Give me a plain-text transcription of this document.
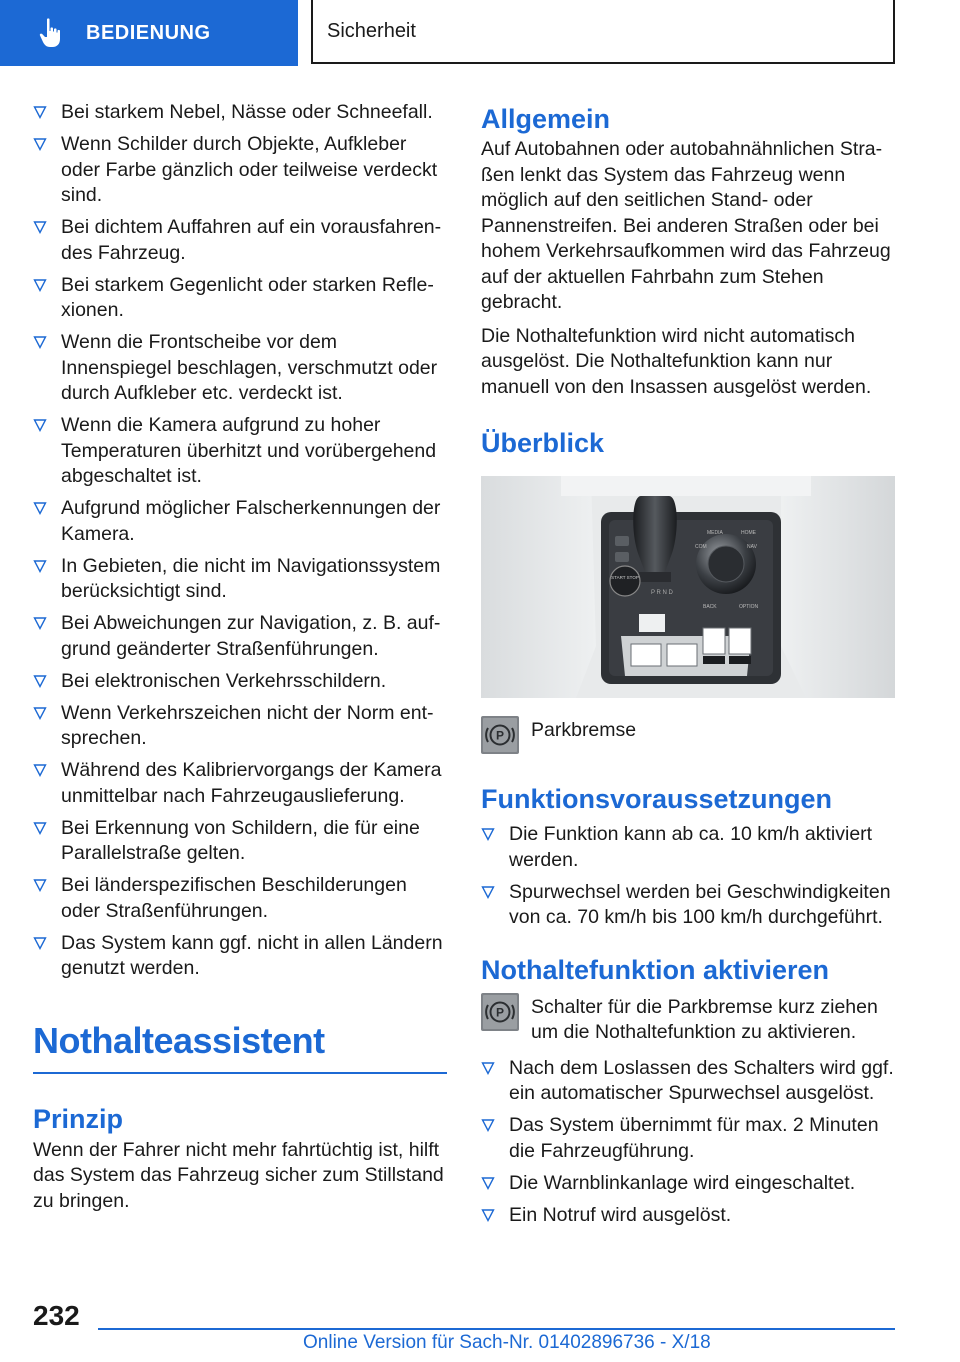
BEDIENUNG	Sicherheit
Bei starkem Nebel, Nässe oder Schneefall.
Wenn Schilder durch Objekte, Aufkleber oder Farbe gänzlich oder teilweise verdeckt sind.
Bei dichtem Auffahren auf ein vorausfahrendes Fahrzeug.
Bei starkem Gegenlicht oder starken Reflexionen.
Wenn die Frontscheibe vor dem Innenspiegel beschlagen, verschmutzt oder durch Aufkleber etc. verdeckt ist.
Wenn die Kamera aufgrund zu hoher Temperaturen überhitzt und vorübergehend abgeschaltet ist.
Aufgrund möglicher Falscherkennungen der Kamera.
In Gebieten, die nicht im Navigationssystem berücksichtigt sind.
Bei Abweichungen zur Navigation, z. B. aufgrund geänderter Straßenführungen.
Bei elektronischen Verkehrsschildern.
Wenn Verkehrszeichen nicht der Norm entsprechen.
Während des Kalibriervorgangs der Kamera unmittelbar nach Fahrzeugauslieferung.
Bei Erkennung von Schildern, die für eine Parallelstraße gelten.
Bei länderspezifischen Beschilderungen oder Straßenführungen.
Das System kann ggf. nicht in allen Ländern genutzt werden.
Nothalteassistent
Prinzip

Wenn der Fahrer nicht mehr fahrtüchtig ist, hilft das System das Fahrzeug sicher zum Stillstand zu bringen.

Allgemein

Auf Autobahnen oder autobahnähnlichen Straßen lenkt das System das Fahrzeug wenn möglich auf den seitlichen Stand- oder Pannenstreifen. Bei anderen Straßen oder bei hohem Verkehrsaufkommen wird das Fahrzeug auf der aktuellen Fahrbahn zum Stehen gebracht.

Die Nothaltefunktion wird nicht automatisch ausgelöst. Die Nothaltefunktion kann nur manuell von den Insassen ausgelöst werden.

Überblick
START STOP
MEDIA	HOME
COM	NAV
BACK	OPTION
P R N D
P Parkbremse
Funktionsvoraussetzungen
Die Funktion kann ab ca. 10 km/h aktiviert werden.
Spurwechsel werden bei Geschwindigkeiten von ca. 70 km/h bis 100 km/h durchgeführt.
Nothaltefunktion aktivieren
P Schalter für die Parkbremse kurz ziehen um die Nothaltefunktion zu aktivieren.
Nach dem Loslassen des Schalters wird ggf. ein automatischer Spurwechsel ausgelöst.
Das System übernimmt für max. 2 Minuten die Fahrzeugführung.
Die Warnblinkanlage wird eingeschaltet.
Ein Notruf wird ausgelöst.
232
Online Version für Sach-Nr. 01402896736 - X/18
